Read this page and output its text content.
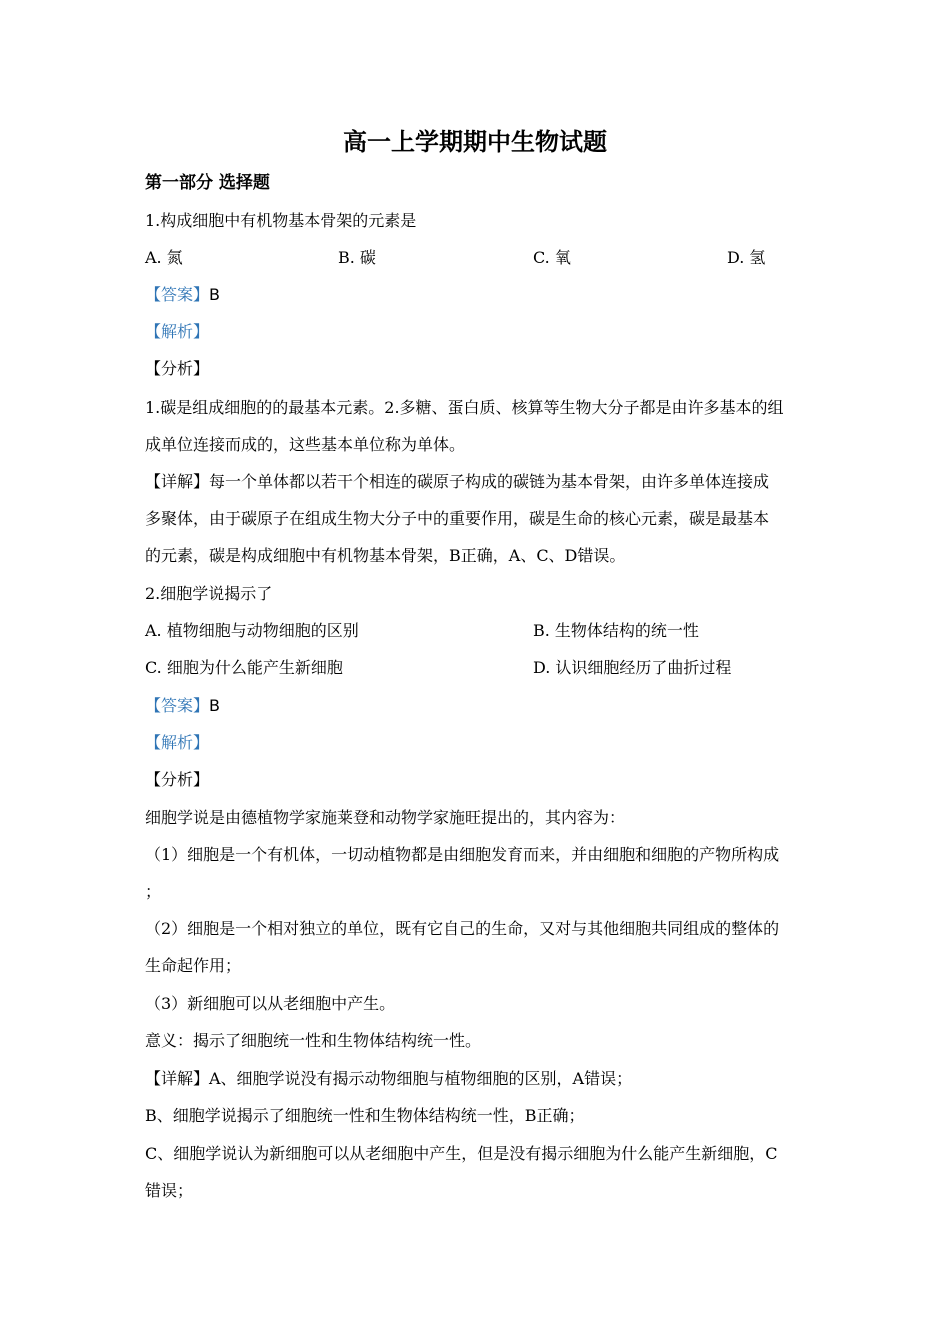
高一上学期期中生物试题
第一部分 选择题
1.构成细胞中有机物基本骨架的元素是
A. 氮	B. 碳	C. 氧	D. 氢
【答案】B
【解析】
【分析】
1.碳是组成细胞的的最基本元素。2.多糖、蛋白质、核算等生物大分子都是由许多基本的组
成单位连接而成的，这些基本单位称为单体。
【详解】每一个单体都以若干个相连的碳原子构成的碳链为基本骨架，由许多单体连接成
多聚体，由于碳原子在组成生物大分子中的重要作用，碳是生命的核心元素，碳是最基本
的元素，碳是构成细胞中有机物基本骨架，B正确，A、C、D错误。
2.细胞学说揭示了
A. 植物细胞与动物细胞的区别	B. 生物体结构的统一性
C. 细胞为什么能产生新细胞	D. 认识细胞经历了曲折过程
【答案】B
【解析】
【分析】
细胞学说是由德植物学家施莱登和动物学家施旺提出的，其内容为：
（1）细胞是一个有机体，一切动植物都是由细胞发育而来，并由细胞和细胞的产物所构成
；
（2）细胞是一个相对独立的单位，既有它自己的生命，又对与其他细胞共同组成的整体的
生命起作用；
（3）新细胞可以从老细胞中产生。
意义：揭示了细胞统一性和生物体结构统一性。
【详解】A、细胞学说没有揭示动物细胞与植物细胞的区别，A错误；
B、细胞学说揭示了细胞统一性和生物体结构统一性，B正确；
C、细胞学说认为新细胞可以从老细胞中产生，但是没有揭示细胞为什么能产生新细胞，C
错误；
